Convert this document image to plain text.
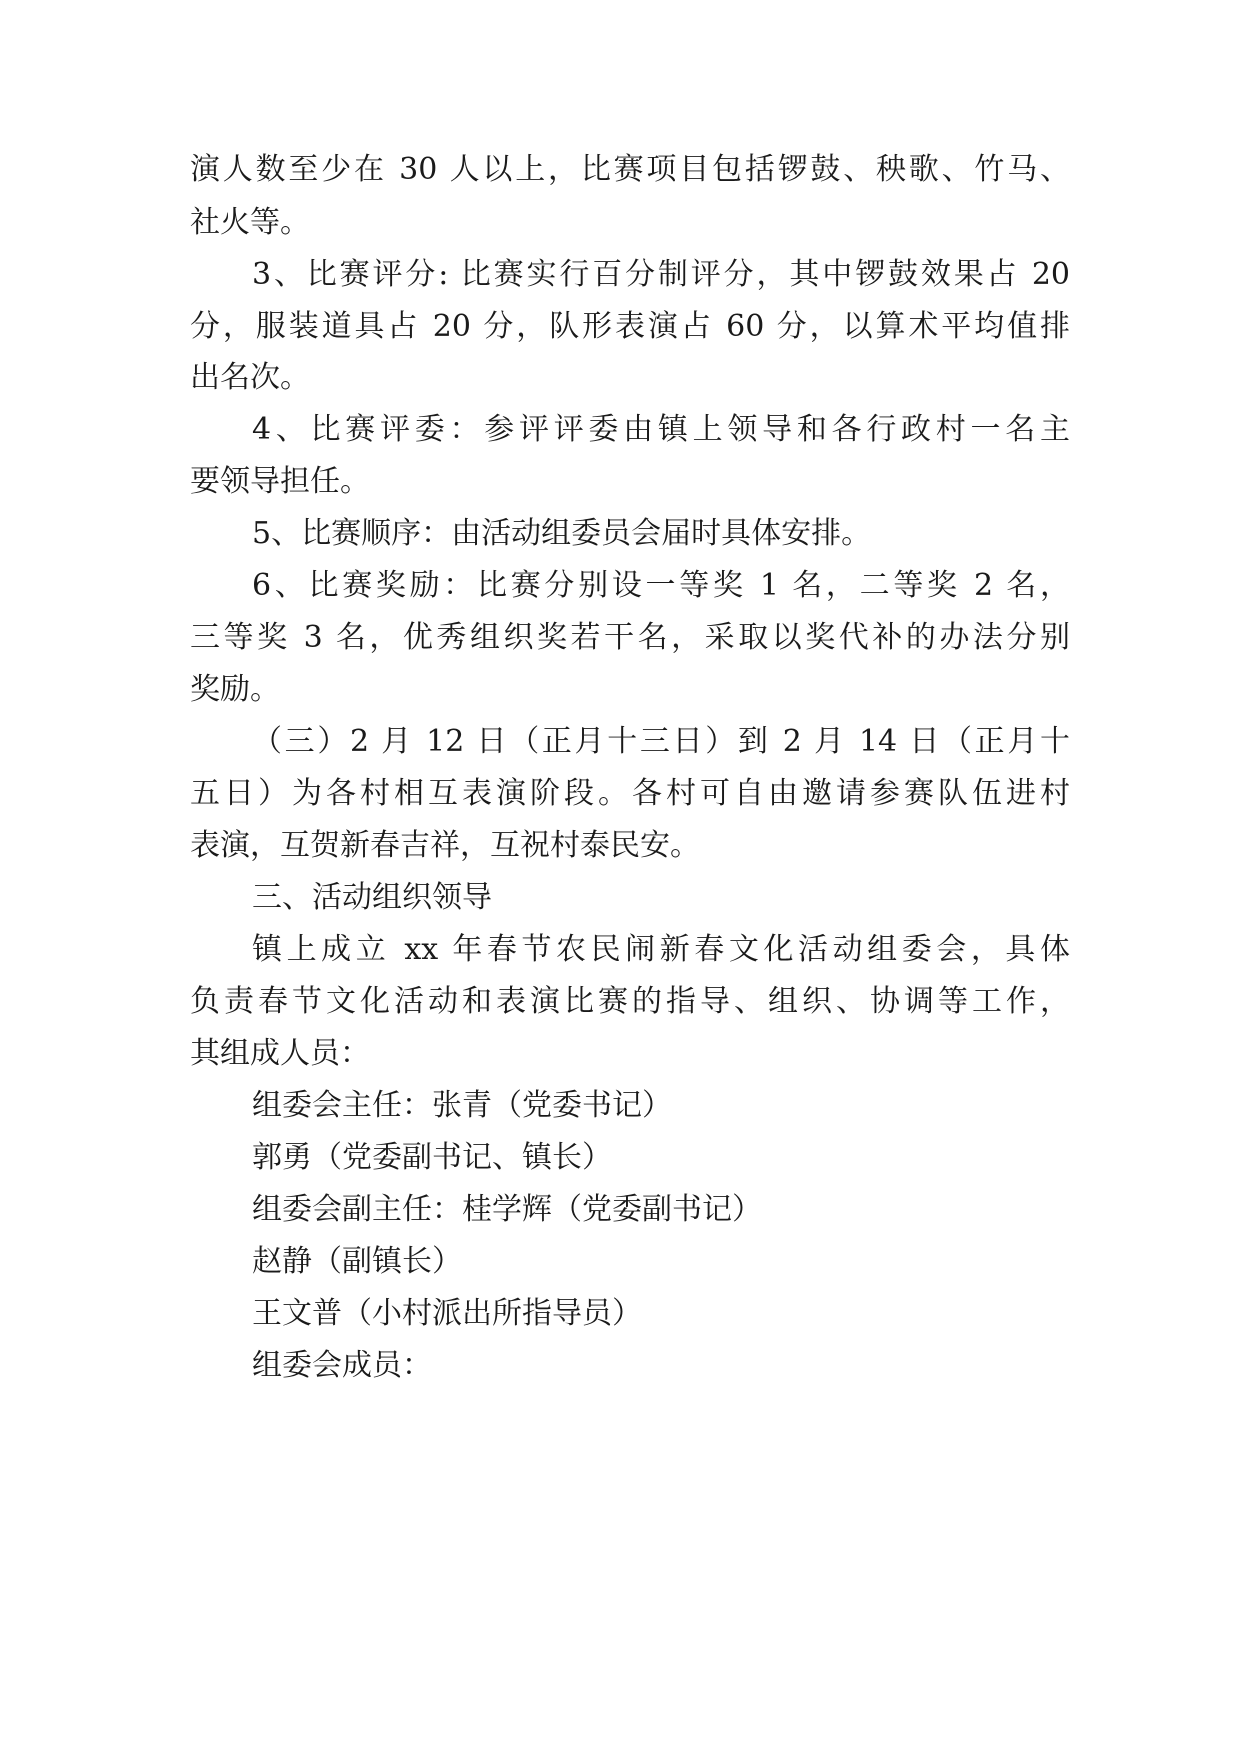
演人数至少在 30 人以上，比赛项目包括锣鼓、秧歌、竹马、
社火等。
3、比赛评分: 比赛实行百分制评分，其中锣鼓效果占 20
分，服装道具占 20 分，队形表演占 60 分，以算术平均值排
出名次。
4、比赛评委：参评评委由镇上领导和各行政村一名主
要领导担任。
5、比赛顺序：由活动组委员会届时具体安排。
6、比赛奖励：比赛分别设一等奖 1 名，二等奖 2 名，
三等奖 3 名，优秀组织奖若干名，采取以奖代补的办法分别
奖励。
（三）2 月 12 日（正月十三日）到 2 月 14 日（正月十
五日）为各村相互表演阶段。各村可自由邀请参赛队伍进村
表演，互贺新春吉祥，互祝村泰民安。
三、活动组织领导
镇上成立 xx 年春节农民闹新春文化活动组委会，具体
负责春节文化活动和表演比赛的指导、组织、协调等工作，
其组成人员：
组委会主任：张青（党委书记）
郭勇（党委副书记、镇长）
组委会副主任：桂学辉（党委副书记）
赵静（副镇长）
王文普（小村派出所指导员）
组委会成员：
